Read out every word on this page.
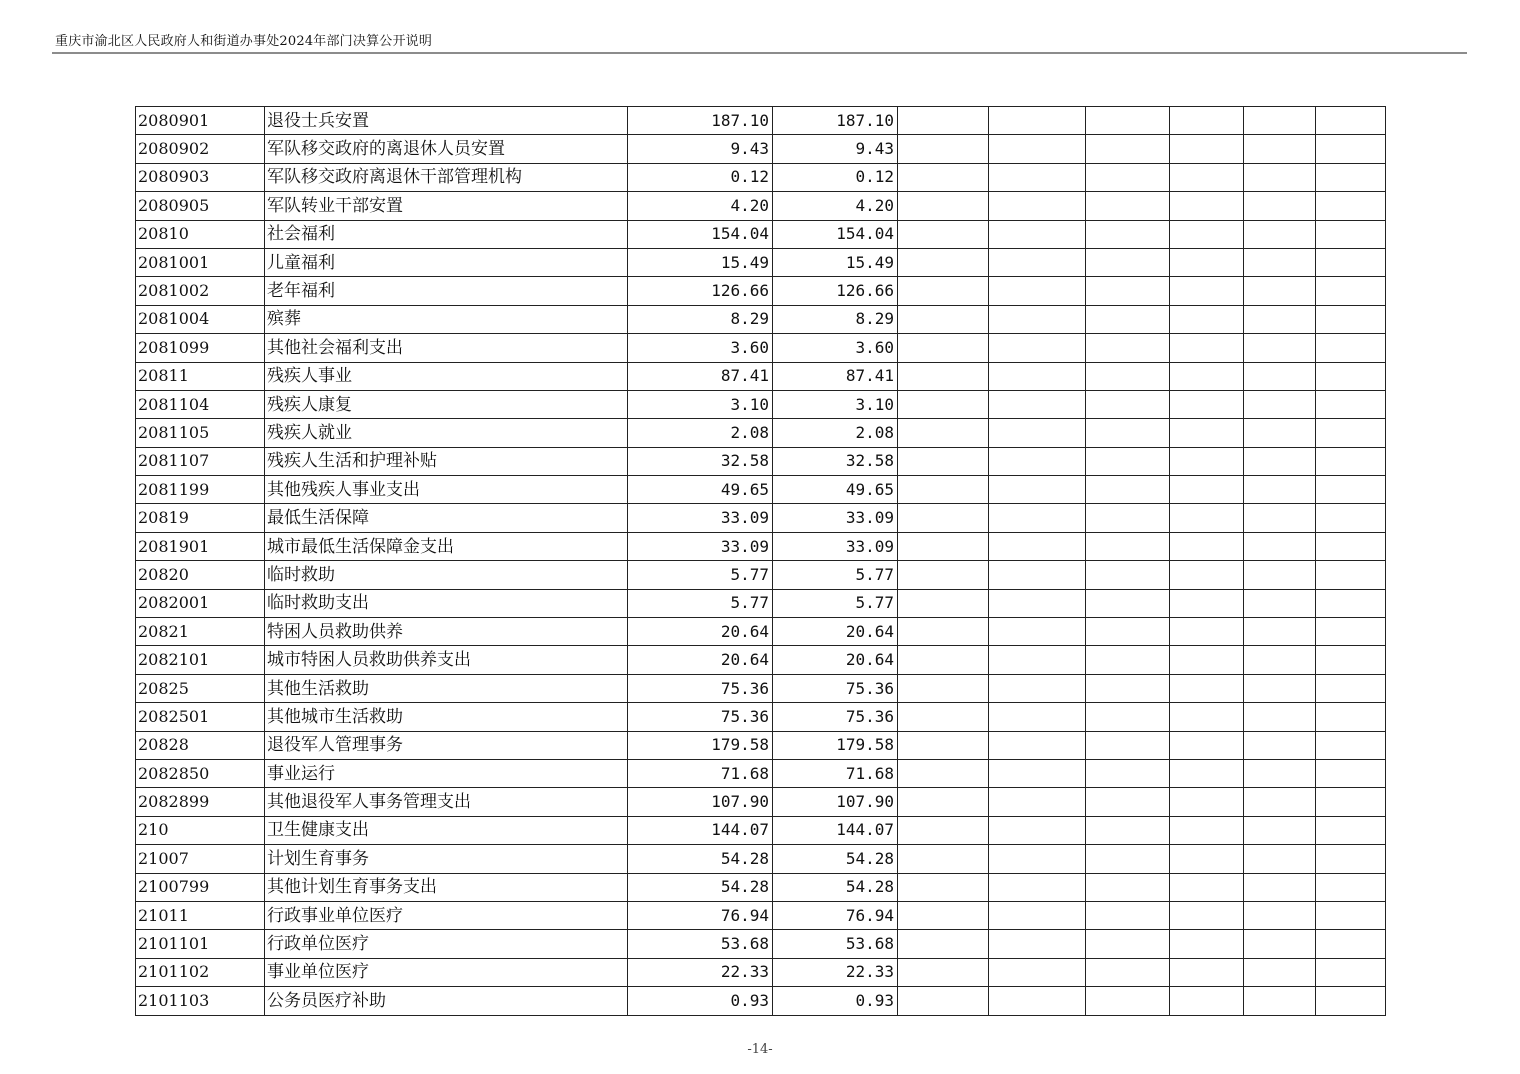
重庆市渝北区人民政府人和街道办事处2024年部门决算公开说明
2080901	退役士兵安置	187.10	187.10						
2080902	军队移交政府的离退休人员安置	9.43	9.43						
2080903	军队移交政府离退休干部管理机构	0.12	0.12						
2080905	军队转业干部安置	4.20	4.20						
20810	社会福利	154.04	154.04						
2081001	儿童福利	15.49	15.49						
2081002	老年福利	126.66	126.66						
2081004	殡葬	8.29	8.29						
2081099	其他社会福利支出	3.60	3.60						
20811	残疾人事业	87.41	87.41						
2081104	残疾人康复	3.10	3.10						
2081105	残疾人就业	2.08	2.08						
2081107	残疾人生活和护理补贴	32.58	32.58						
2081199	其他残疾人事业支出	49.65	49.65						
20819	最低生活保障	33.09	33.09						
2081901	城市最低生活保障金支出	33.09	33.09						
20820	临时救助	5.77	5.77						
2082001	临时救助支出	5.77	5.77						
20821	特困人员救助供养	20.64	20.64						
2082101	城市特困人员救助供养支出	20.64	20.64						
20825	其他生活救助	75.36	75.36						
2082501	其他城市生活救助	75.36	75.36						
20828	退役军人管理事务	179.58	179.58						
2082850	事业运行	71.68	71.68						
2082899	其他退役军人事务管理支出	107.90	107.90						
210	卫生健康支出	144.07	144.07						
21007	计划生育事务	54.28	54.28						
2100799	其他计划生育事务支出	54.28	54.28						
21011	行政事业单位医疗	76.94	76.94						
2101101	行政单位医疗	53.68	53.68						
2101102	事业单位医疗	22.33	22.33						
2101103	公务员医疗补助	0.93	0.93						
-14-
